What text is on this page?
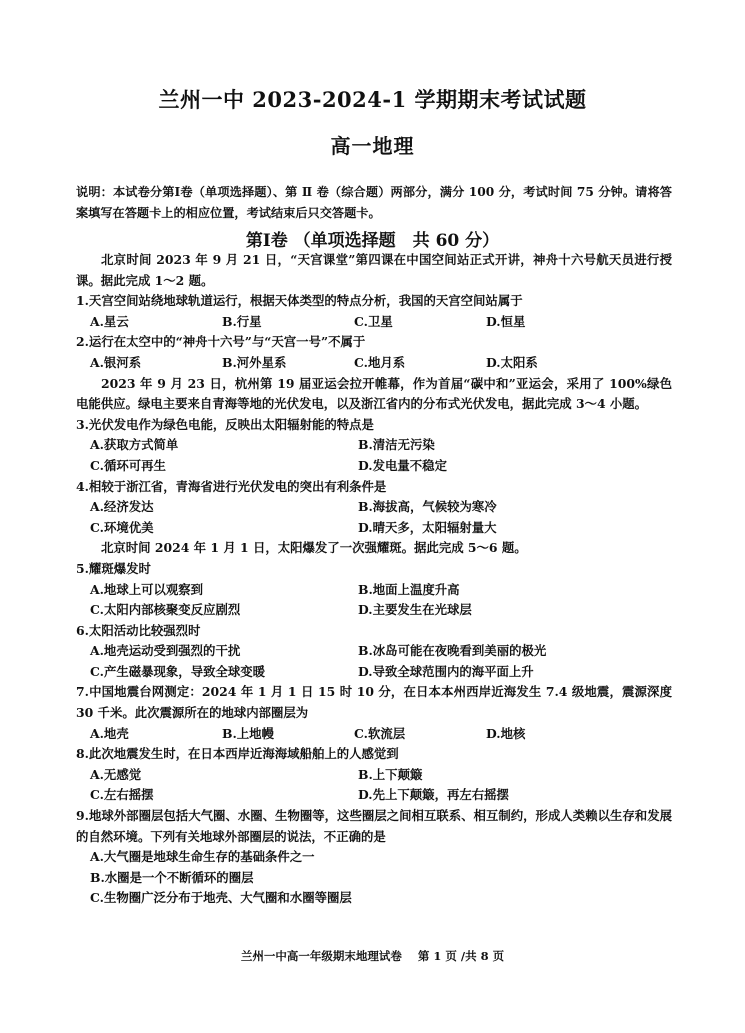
兰州一中 2023-2024-1 学期期末考试试题
高一地理
说明：本试卷分第Ⅰ卷（单项选择题）、第 Ⅱ 卷（综合题）两部分，满分 100 分，考试时间 75 分钟。请将答案填写在答题卡上的相应位置，考试结束后只交答题卡。
第Ⅰ卷 （单项选择题　共 60 分）

北京时间 2023 年 9 月 21 日，“天宫课堂”第四课在中国空间站正式开讲，神舟十六号航天员进行授课。据此完成 1～2 题。

1.天宫空间站绕地球轨道运行，根据天体类型的特点分析，我国的天宫空间站属于

A.星云	B.行星	C.卫星	D.恒星

2.运行在太空中的“神舟十六号”与“天宫一号”不属于

A.银河系	B.河外星系	C.地月系	D.太阳系

2023 年 9 月 23 日，杭州第 19 届亚运会拉开帷幕，作为首届“碳中和”亚运会，采用了 100%绿色电能供应。绿电主要来自青海等地的光伏发电，以及浙江省内的分布式光伏发电，据此完成 3～4 小题。

3.光伏发电作为绿色电能，反映出太阳辐射能的特点是

A.获取方式简单	B.清洁无污染
C.循环可再生	D.发电量不稳定

4.相较于浙江省，青海省进行光伏发电的突出有利条件是

A.经济发达	B.海拔高，气候较为寒冷
C.环境优美	D.晴天多，太阳辐射量大

北京时间 2024 年 1 月 1 日，太阳爆发了一次强耀斑。据此完成 5～6 题。

5.耀斑爆发时

A.地球上可以观察到	B.地面上温度升高
C.太阳内部核聚变反应剧烈	D.主要发生在光球层

6.太阳活动比较强烈时

A.地壳运动受到强烈的干扰	B.冰岛可能在夜晚看到美丽的极光
C.产生磁暴现象，导致全球变暖	D.导致全球范围内的海平面上升

7.中国地震台网测定：2024 年 1 月 1 日 15 时 10 分，在日本本州西岸近海发生 7.4 级地震，震源深度 30 千米。此次震源所在的地球内部圈层为

A.地壳	B.上地幔	C.软流层	D.地核

8.此次地震发生时，在日本西岸近海海域船舶上的人感觉到

A.无感觉	B.上下颠簸
C.左右摇摆	D.先上下颠簸，再左右摇摆

9.地球外部圈层包括大气圈、水圈、生物圈等，这些圈层之间相互联系、相互制约，形成人类赖以生存和发展的自然环境。下列有关地球外部圈层的说法，不正确的是

A.大气圈是地球生命生存的基础条件之一

B.水圈是一个不断循环的圈层

C.生物圈广泛分布于地壳、大气圈和水圈等圈层

兰州一中高一年级期末地理试卷 第 1 页 /共 8 页
